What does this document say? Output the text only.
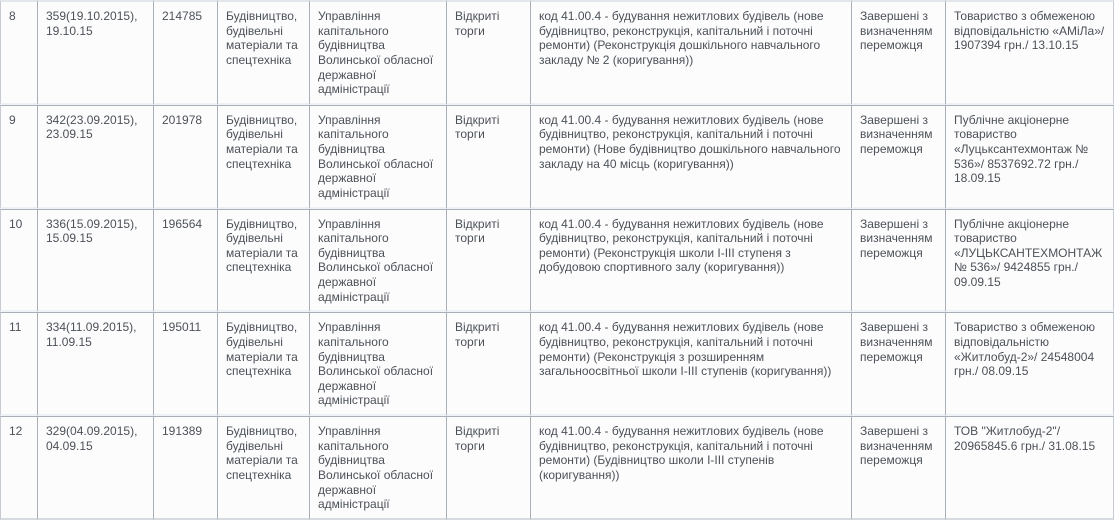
8	359(19.10.2015), 19.10.15	214785	Будівництво, будівельні матеріали та спецтехніка	Управління капітального будівництва Волинської обласної державної адміністрації	Відкриті торги	код 41.00.4 - будування нежитлових будівель (нове будівництво, реконструкція, капітальний і поточні ремонти) (Реконструкція дошкільного навчального закладу № 2 (коригування))	Завершені з визначенням переможця	Товариство з обмеженою відповідальністю «АМіЛа»/ 1907394 грн./ 13.10.15
9	342(23.09.2015), 23.09.15	201978	Будівництво, будівельні матеріали та спецтехніка	Управління капітального будівництва Волинської обласної державної адміністрації	Відкриті торги	код 41.00.4 - будування нежитлових будівель (нове будівництво, реконструкція, капітальний і поточні ремонти) (Нове будівництво дошкільного навчального закладу на 40 місць (коригування))	Завершені з визначенням переможця	Публічне акціонерне товариство «Луцьксантехмонтаж № 536»/ 8537692.72 грн./ 18.09.15
10	336(15.09.2015), 15.09.15	196564	Будівництво, будівельні матеріали та спецтехніка	Управління капітального будівництва Волинської обласної державної адміністрації	Відкриті торги	код 41.00.4 - будування нежитлових будівель (нове будівництво, реконструкція, капітальний і поточні ремонти) (Реконструкція школи I-III ступеня з добудовою спортивного залу (коригування))	Завершені з визначенням переможця	Публічне акціонерне товариство «ЛУЦЬКСАНТЕХМОНТАЖ № 536»/ 9424855 грн./ 09.09.15
11	334(11.09.2015), 11.09.15	195011	Будівництво, будівельні матеріали та спецтехніка	Управління капітального будівництва Волинської обласної державної адміністрації	Відкриті торги	код 41.00.4 - будування нежитлових будівель (нове будівництво, реконструкція, капітальний і поточні ремонти) (Реконструкція з розширенням загальноосвітньої школи I-III ступенів (коригування))	Завершені з визначенням переможця	Товариство з обмеженою відповідальністю «Житлобуд-2»/ 24548004 грн./ 08.09.15
12	329(04.09.2015), 04.09.15	191389	Будівництво, будівельні матеріали та спецтехніка	Управління капітального будівництва Волинської обласної державної адміністрації	Відкриті торги	код 41.00.4 - будування нежитлових будівель (нове будівництво, реконструкція, капітальний і поточні ремонти) (Будівництво школи I-III ступенів (коригування))	Завершені з визначенням переможця	ТОВ "Житлобуд-2"/ 20965845.6 грн./ 31.08.15
